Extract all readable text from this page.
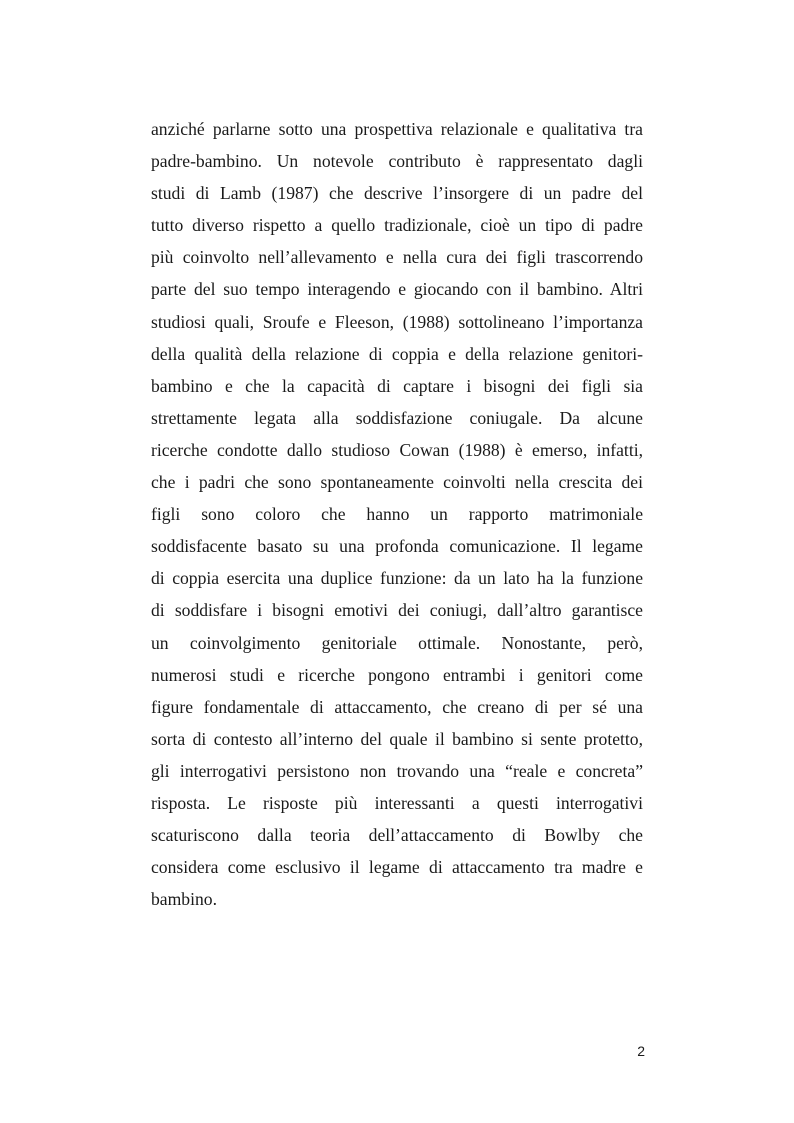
anziché parlarne sotto una prospettiva relazionale e qualitativa tra
padre-bambino. Un notevole contributo è rappresentato dagli
studi di Lamb (1987) che descrive l’insorgere di un padre del
tutto diverso rispetto a quello tradizionale, cioè un tipo di padre
più coinvolto nell’allevamento e nella cura dei figli trascorrendo
parte del suo tempo interagendo e giocando con il bambino. Altri
studiosi quali, Sroufe e Fleeson, (1988) sottolineano l’importanza
della qualità della relazione di coppia e della relazione genitori-
bambino e che la capacità di captare i bisogni dei figli sia
strettamente legata alla soddisfazione coniugale. Da alcune
ricerche condotte dallo studioso Cowan (1988) è emerso, infatti,
che i padri che sono spontaneamente coinvolti nella crescita dei
figli sono coloro che hanno un rapporto matrimoniale
soddisfacente basato su una profonda comunicazione. Il legame
di coppia esercita una duplice funzione: da un lato ha la funzione
di soddisfare i bisogni emotivi dei coniugi, dall’altro garantisce
un coinvolgimento genitoriale ottimale. Nonostante, però,
numerosi studi e ricerche pongono entrambi i genitori come
figure fondamentale di attaccamento, che creano di per sé una
sorta di contesto all’interno del quale il bambino si sente protetto,
gli interrogativi persistono non trovando una “reale e concreta”
risposta. Le risposte più interessanti a questi interrogativi
scaturiscono dalla teoria dell’attaccamento di Bowlby che
considera come esclusivo il legame di attaccamento tra madre e
bambino.

2
